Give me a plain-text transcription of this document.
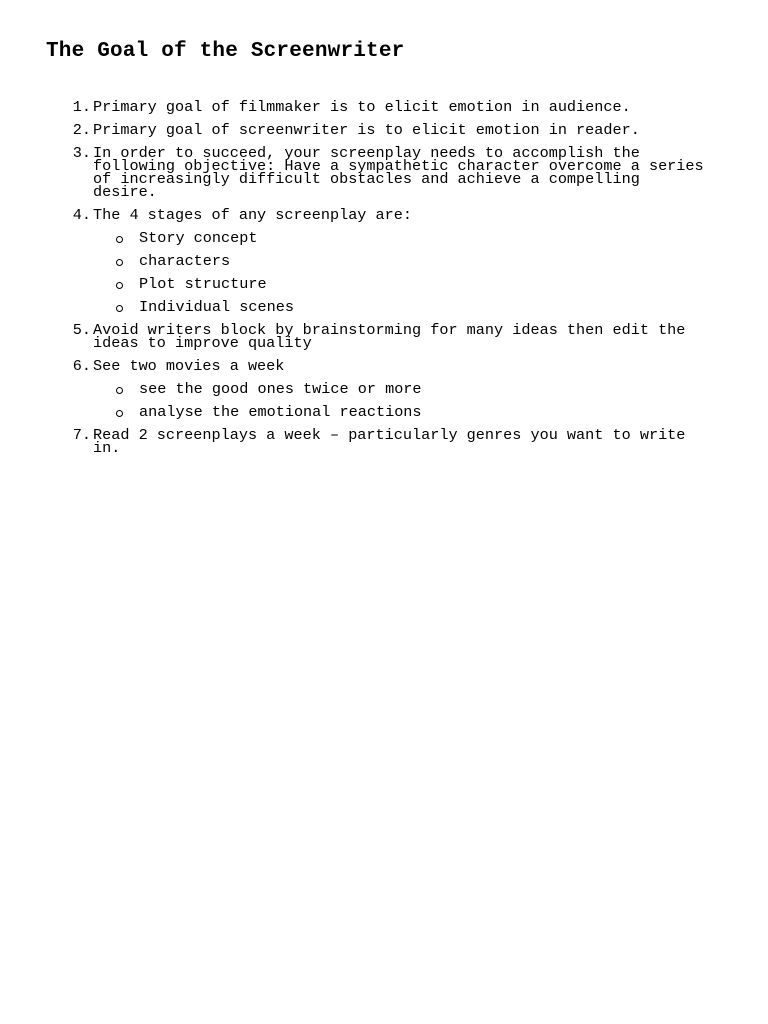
The Goal of the Screenwriter
1. Primary goal of filmmaker is to elicit emotion in audience.
2. Primary goal of screenwriter is to elicit emotion in reader.
3. In order to succeed, your screenplay needs to accomplish the
following objective: Have a sympathetic character overcome a series
of increasingly difficult obstacles and achieve a compelling
desire.
4. The 4 stages of any screenplay are:
Story concept
characters
Plot structure
Individual scenes
5. Avoid writers block by brainstorming for many ideas then edit the
ideas to improve quality
6. See two movies a week
see the good ones twice or more
analyse the emotional reactions
7. Read 2 screenplays a week – particularly genres you want to write
in.
